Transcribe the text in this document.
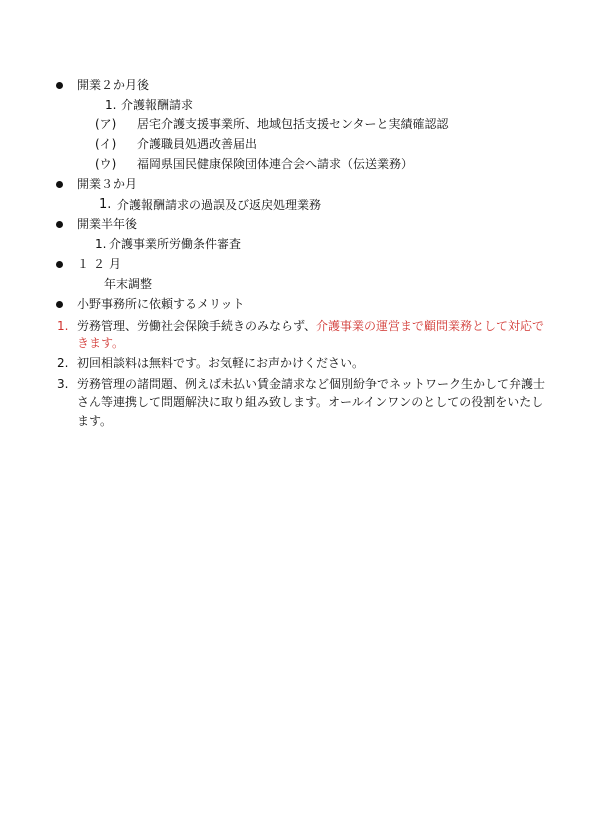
開業２か月後
1. 介護報酬請求
(ア) 居宅介護支援事業所、地域包括支援センターと実績確認認
(イ) 介護職員処遇改善届出
(ウ) 福岡県国民健康保険団体連合会へ請求（伝送業務）
開業３か月
1. 介護報酬請求の過誤及び返戻処理業務
開業半年後
1. 介護事業所労働条件審査
１２月
年末調整
小野事務所に依頼するメリット
1. 労務管理、労働社会保険手続きのみならず、介護事業の運営まで顧問業務として対応で
きます。
2. 初回相談料は無料です。お気軽にお声かけください。
3. 労務管理の諸問題、例えば未払い賃金請求など個別紛争でネットワーク生かして弁護士
さん等連携して問題解決に取り組み致します。オールインワンのとしての役割をいたし
ます。
